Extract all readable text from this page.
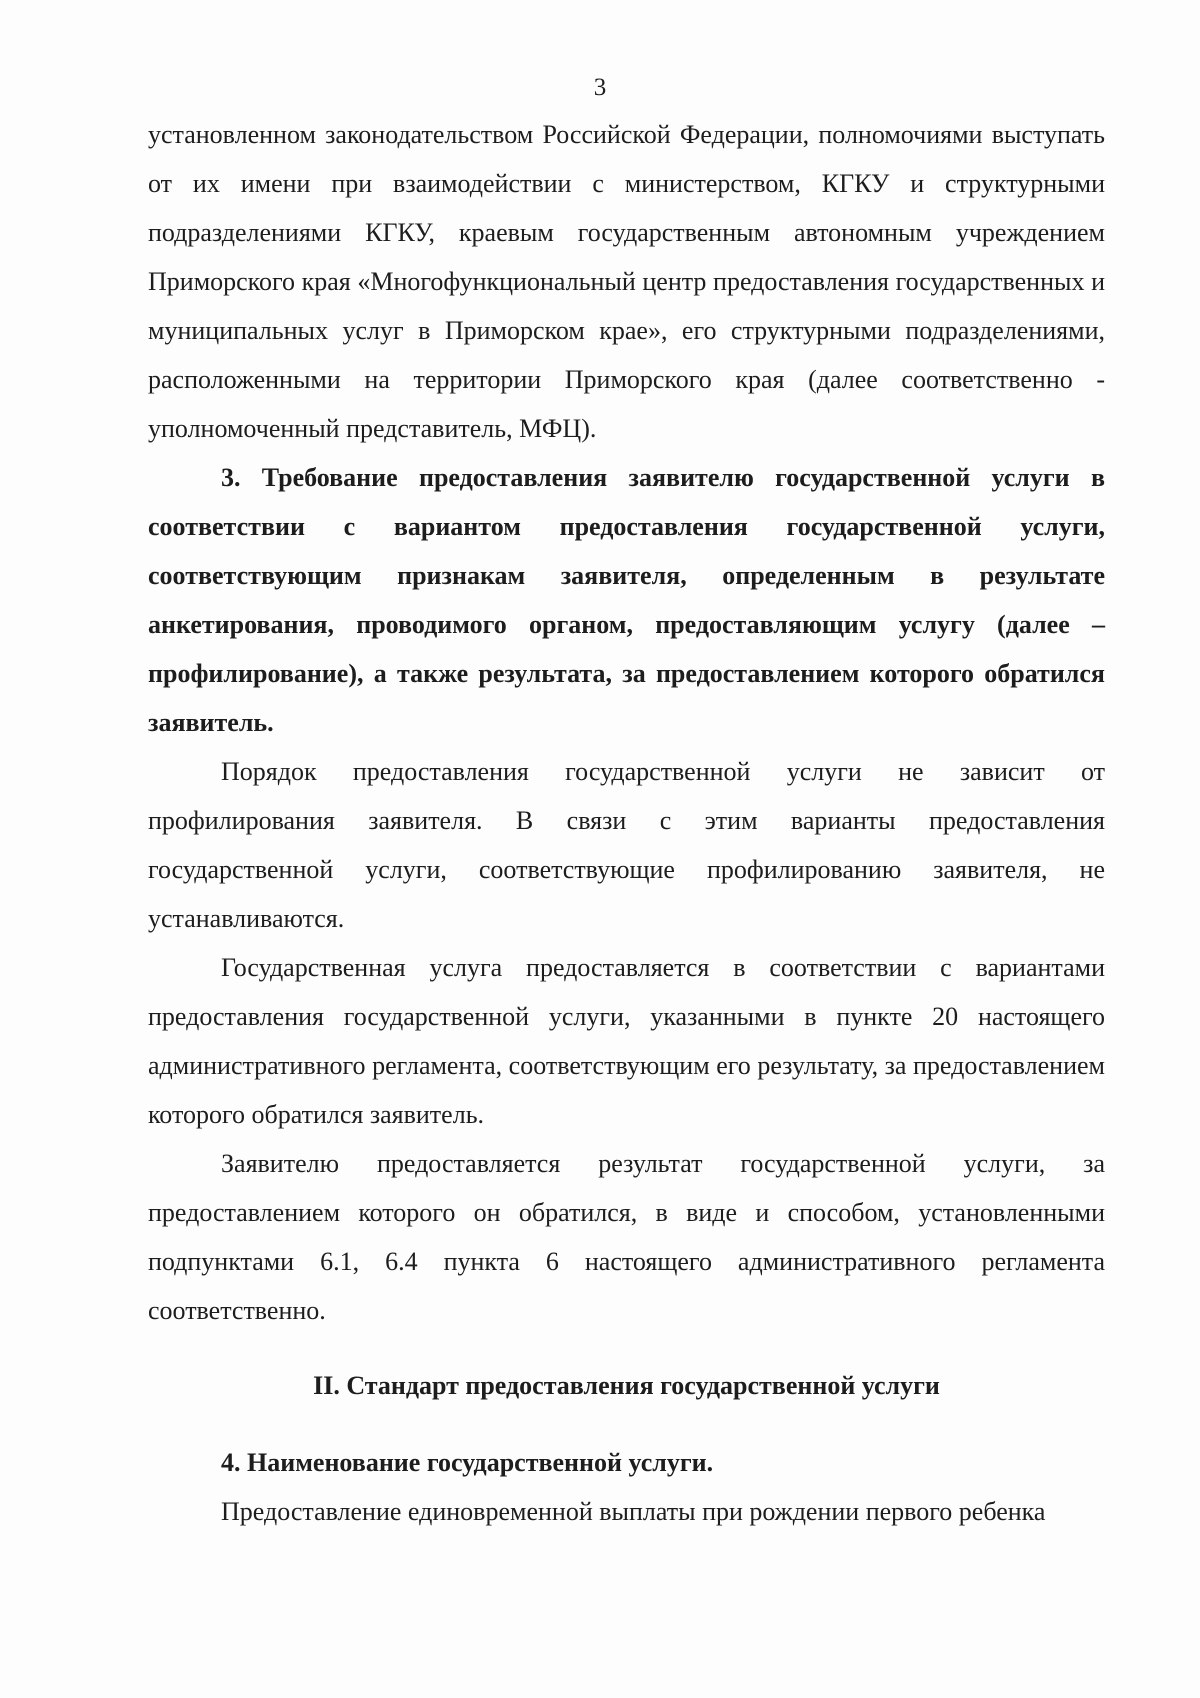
3

установленном законодательством Российской Федерации, полномочиями выступать от их имени при взаимодействии с министерством, КГКУ и структурными подразделениями КГКУ, краевым государственным автономным учреждением Приморского края «Многофункциональный центр предоставления государственных и муниципальных услуг в Приморском крае», его структурными подразделениями, расположенными на территории Приморского края (далее соответственно - уполномоченный представитель, МФЦ).

3. Требование предоставления заявителю государственной услуги в соответствии с вариантом предоставления государственной услуги, соответствующим признакам заявителя, определенным в результате анкетирования, проводимого органом, предоставляющим услугу (далее – профилирование), а также результата, за предоставлением которого обратился заявитель.

Порядок предоставления государственной услуги не зависит от профилирования заявителя. В связи с этим варианты предоставления государственной услуги, соответствующие профилированию заявителя, не устанавливаются.

Государственная услуга предоставляется в соответствии с вариантами предоставления государственной услуги, указанными в пункте 20 настоящего административного регламента, соответствующим его результату, за предоставлением которого обратился заявитель.

Заявителю предоставляется результат государственной услуги, за предоставлением которого он обратился, в виде и способом, установленными подпунктами 6.1, 6.4 пункта 6 настоящего административного регламента соответственно.

II. Стандарт предоставления государственной услуги

4. Наименование государственной услуги.

Предоставление единовременной выплаты при рождении первого ребенка
